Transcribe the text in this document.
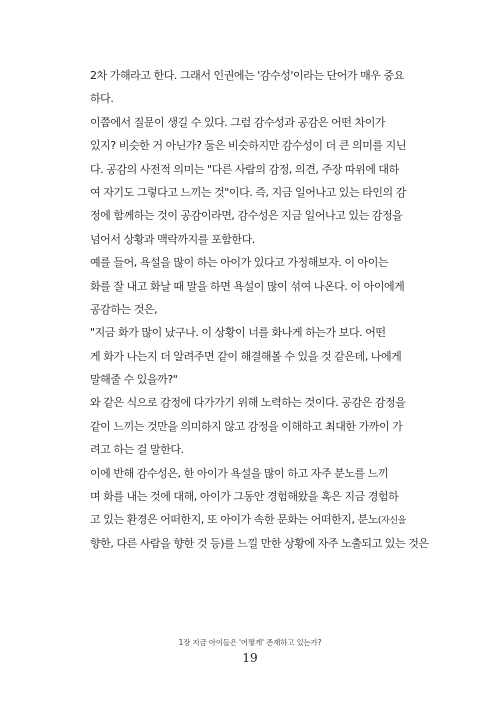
2차 가해라고 한다. 그래서 인권에는 '감수성'이라는 단어가 매우 중요
하다.
이쯤에서 질문이 생길 수 있다. 그럼 감수성과 공감은 어떤 차이가
있지? 비슷한 거 아닌가? 둘은 비슷하지만 감수성이 더 큰 의미를 지닌
다. 공감의 사전적 의미는 "다른 사람의 감정, 의견, 주장 따위에 대하
여 자기도 그렇다고 느끼는 것"이다. 즉, 지금 일어나고 있는 타인의 감
정에 함께하는 것이 공감이라면, 감수성은 지금 일어나고 있는 감정을
넘어서 상황과 맥락까지를 포함한다.
예를 들어, 욕설을 많이 하는 아이가 있다고 가정해보자. 이 아이는
화를 잘 내고 화날 때 말을 하면 욕설이 많이 섞여 나온다. 이 아이에게
공감하는 것은,
"지금 화가 많이 났구나. 이 상황이 너를 화나게 하는가 보다. 어떤
게 화가 나는지 더 알려주면 같이 해결해볼 수 있을 것 같은데, 나에게
말해줄 수 있을까?"
와 같은 식으로 감정에 다가가기 위해 노력하는 것이다. 공감은 감정을
같이 느끼는 것만을 의미하지 않고 감정을 이해하고 최대한 가까이 가
려고 하는 걸 말한다.
이에 반해 감수성은, 한 아이가 욕설을 많이 하고 자주 분노를 느끼
며 화를 내는 것에 대해, 아이가 그동안 경험해왔을 혹은 지금 경험하
고 있는 환경은 어떠한지, 또 아이가 속한 문화는 어떠한지, 분노(자신을
향한, 다른 사람을 향한 것 등)를 느낄 만한 상황에 자주 노출되고 있는 것은
1장 지금 아이들은 '어떻게' 존재하고 있는가?
19
